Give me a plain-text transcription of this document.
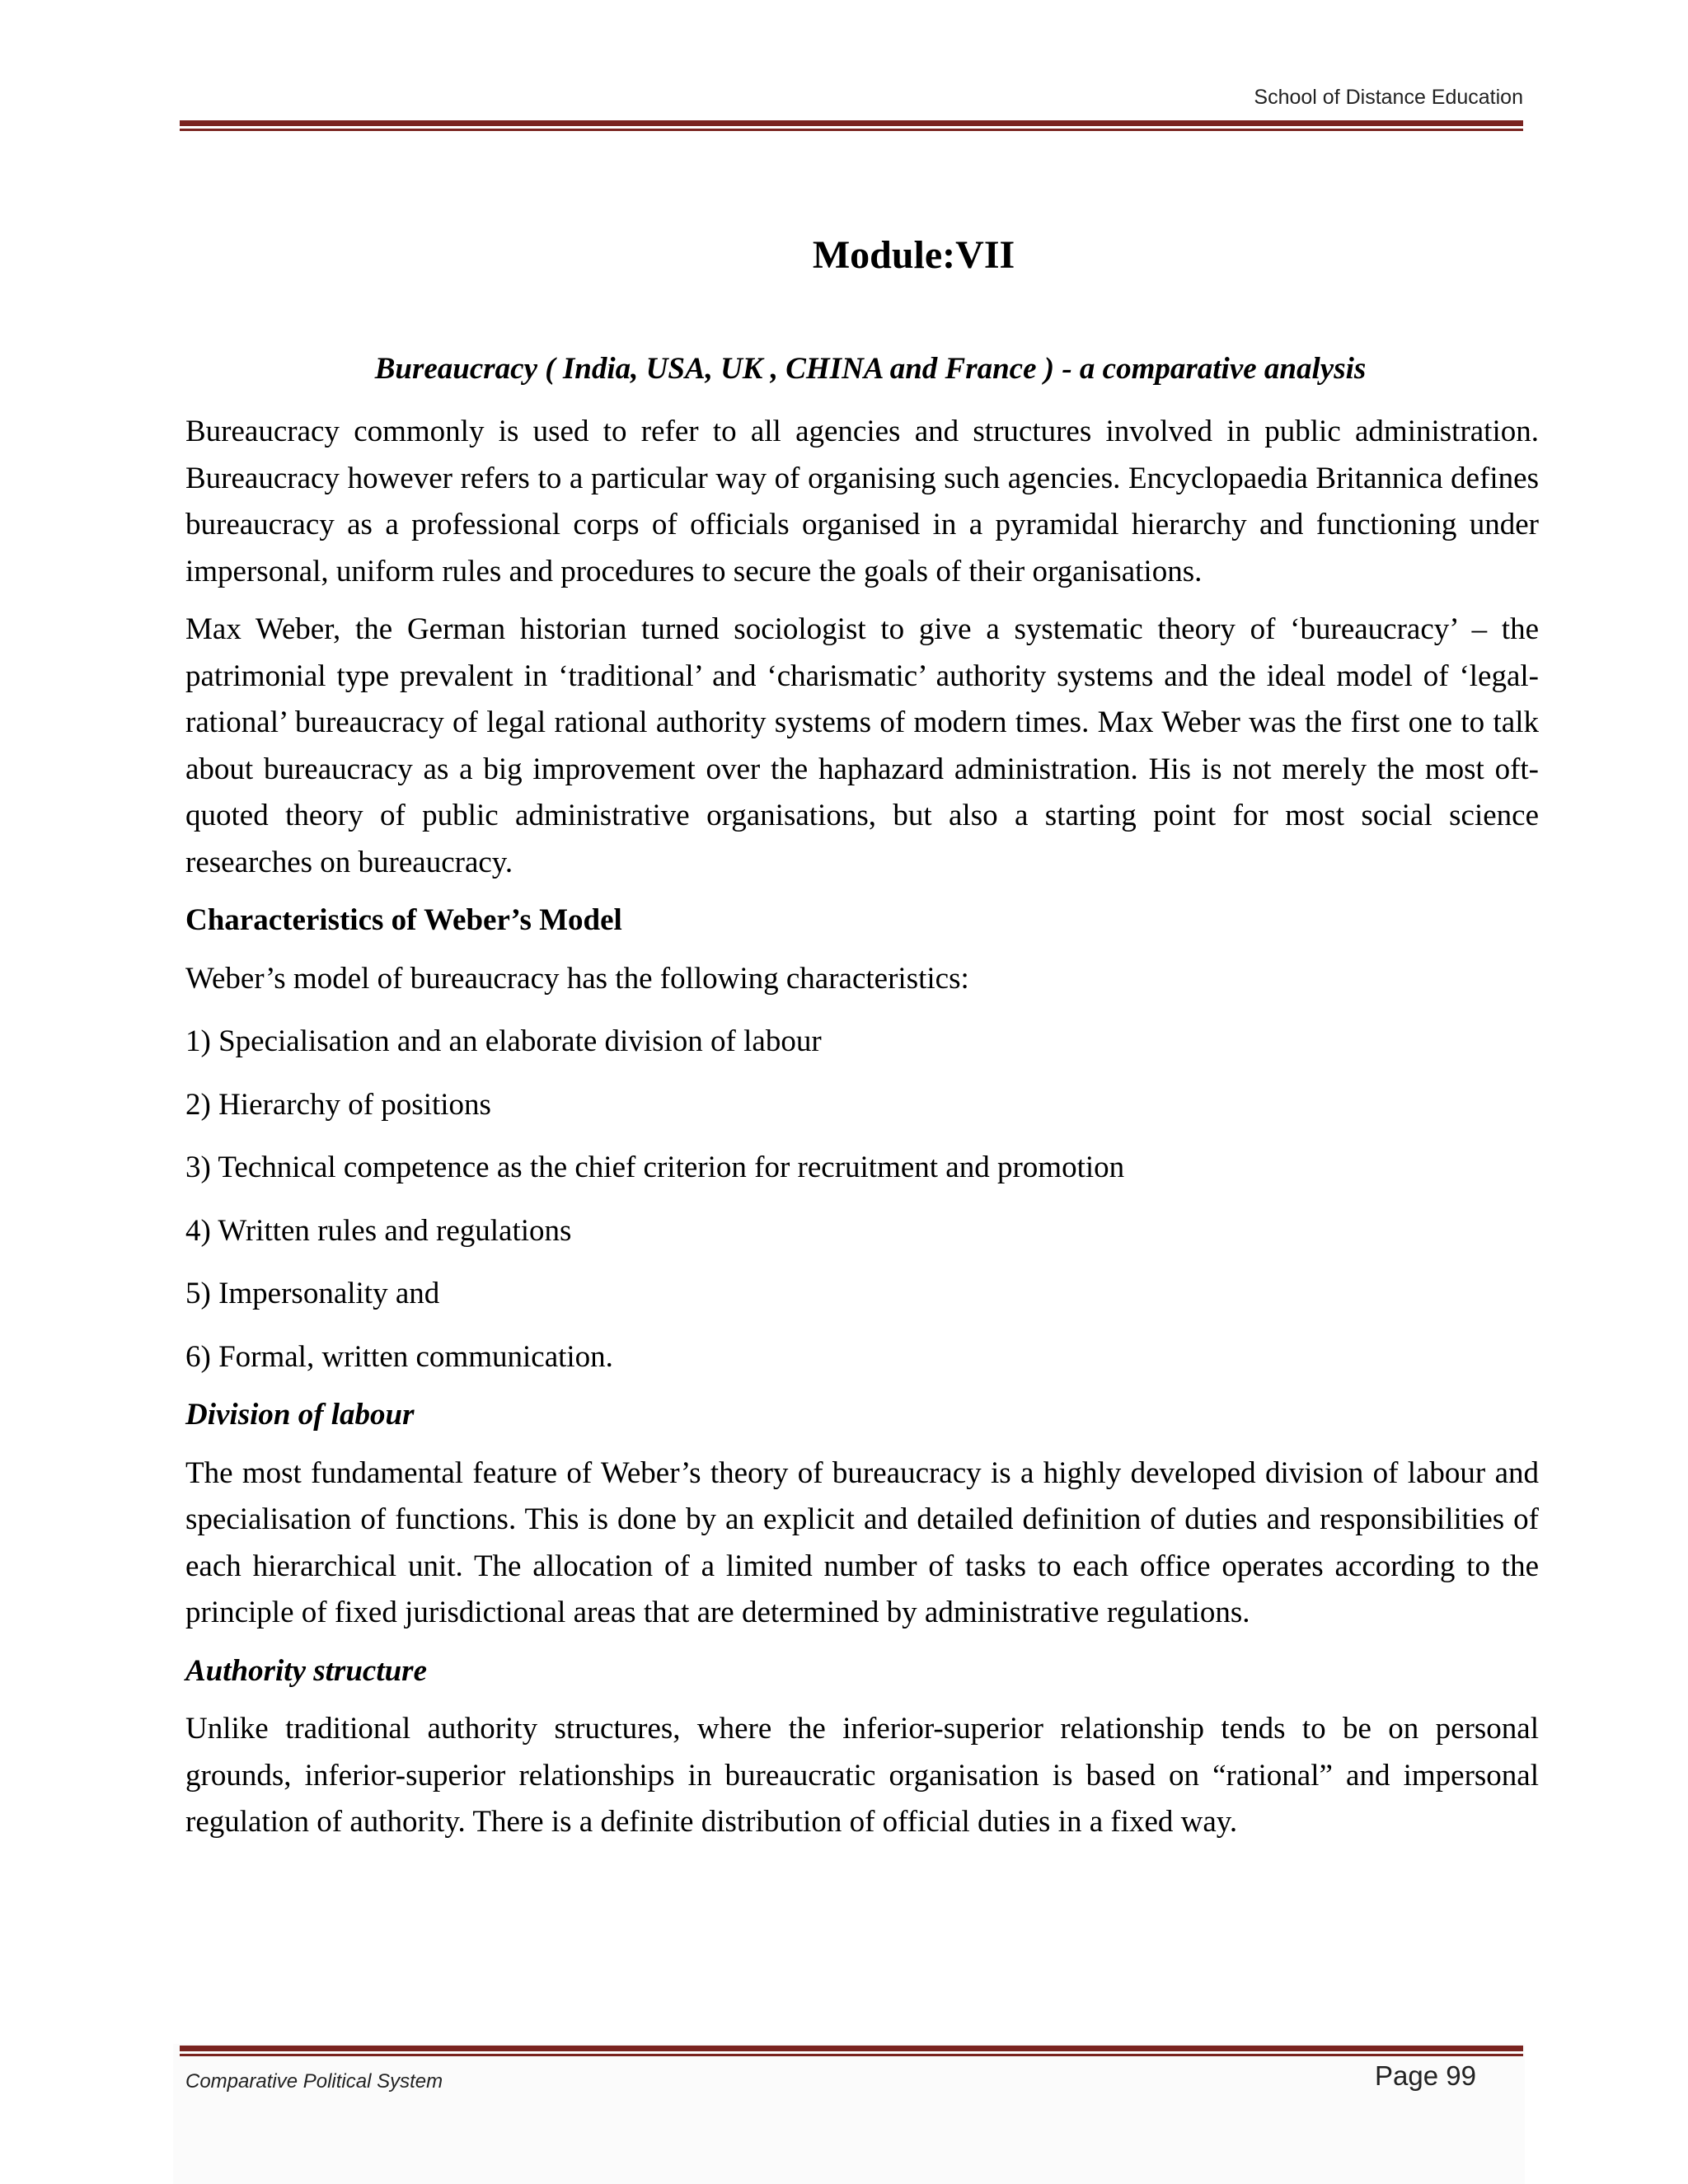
School of Distance Education
Module:VII
Bureaucracy ( India, USA, UK , CHINA and France ) - a comparative analysis

Bureaucracy commonly is used to refer to all agencies and structures involved in public administration. Bureaucracy however refers to a particular way of organising such agencies. Encyclopaedia Britannica defines bureaucracy as a professional corps of officials organised in a pyramidal hierarchy and functioning under impersonal, uniform rules and procedures to secure the goals of their organisations.

Max Weber, the German historian turned sociologist to give a systematic theory of ‘bureaucracy’ – the patrimonial type prevalent in ‘traditional’ and ‘charismatic’ authority systems and the ideal model of ‘legal-rational’ bureaucracy of legal rational authority systems of modern times. Max Weber was the first one to talk about bureaucracy as a big improvement over the haphazard administration. His is not merely the most oft-quoted theory of public administrative organisations, but also a starting point for most social science researches on bureaucracy.

Characteristics of Weber’s Model
Weber’s model of bureaucracy has the following characteristics:
1) Specialisation and an elaborate division of labour
2) Hierarchy of positions
3) Technical competence as the chief criterion for recruitment and promotion
4) Written rules and regulations
5) Impersonality and
6) Formal, written communication.
Division of labour

The most fundamental feature of Weber’s theory of bureaucracy is a highly developed division of labour and specialisation of functions. This is done by an explicit and detailed definition of duties and responsibilities of each hierarchical unit. The allocation of a limited number of tasks to each office operates according to the principle of fixed jurisdictional areas that are determined by administrative regulations.

Authority structure

Unlike traditional authority structures, where the inferior-superior relationship tends to be on personal grounds, inferior-superior relationships in bureaucratic organisation is based on “rational” and impersonal regulation of authority. There is a definite distribution of official duties in a fixed way.

Comparative Political System	Page 99
